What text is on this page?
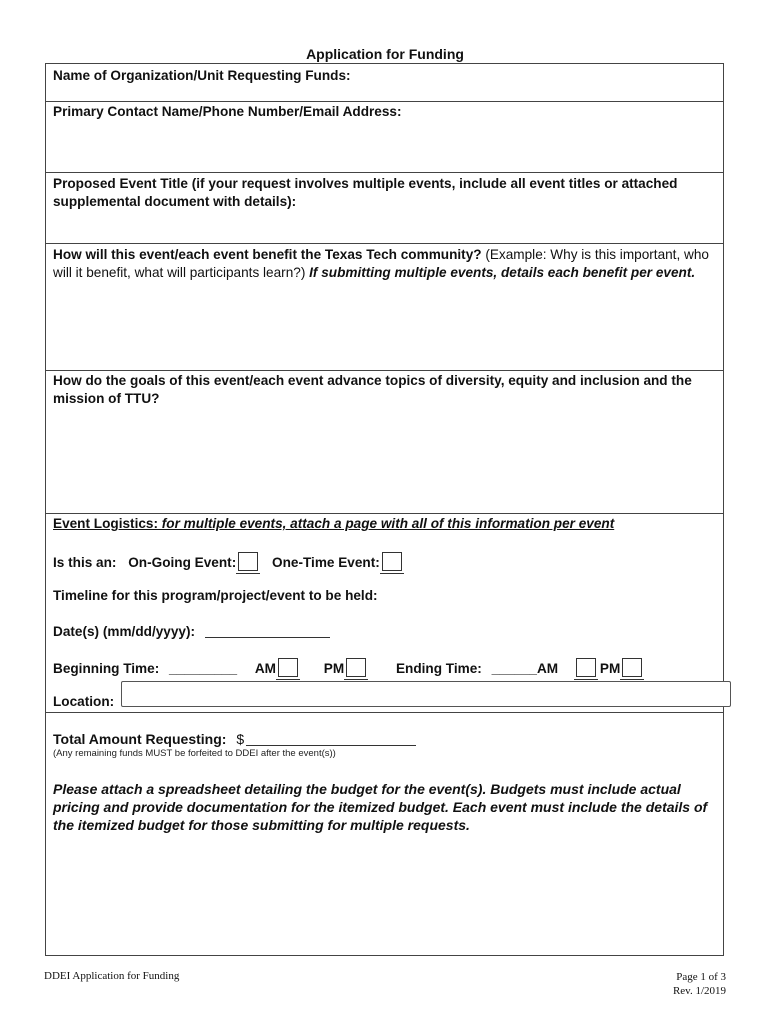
Application for Funding
Name of Organization/Unit Requesting Funds:
Primary Contact Name/Phone Number/Email Address:
Proposed Event Title (if your request involves multiple events, include all event titles or attached supplemental document with details):
How will this event/each event benefit the Texas Tech community? (Example: Why is this important, who will it benefit, what will participants learn?) If submitting multiple events, details each benefit per event.
How do the goals of this event/each event advance topics of diversity, equity and inclusion and the mission of TTU?
Event Logistics: for multiple events, attach a page with all of this information per event
Is this an: On-Going Event:	One-Time Event:
Timeline for this program/project/event to be held:
Date(s) (mm/dd/yyyy):
Beginning Time: _________ AM	PM	Ending Time: ______AM	PM
Location:
Total Amount Requesting: $
(Any remaining funds MUST be forfeited to DDEI after the event(s))
Please attach a spreadsheet detailing the budget for the event(s). Budgets must include actual pricing and provide documentation for the itemized budget. Each event must include the details of the itemized budget for those submitting for multiple requests.
DDEI Application for Funding	Page 1 of 3
Rev. 1/2019
